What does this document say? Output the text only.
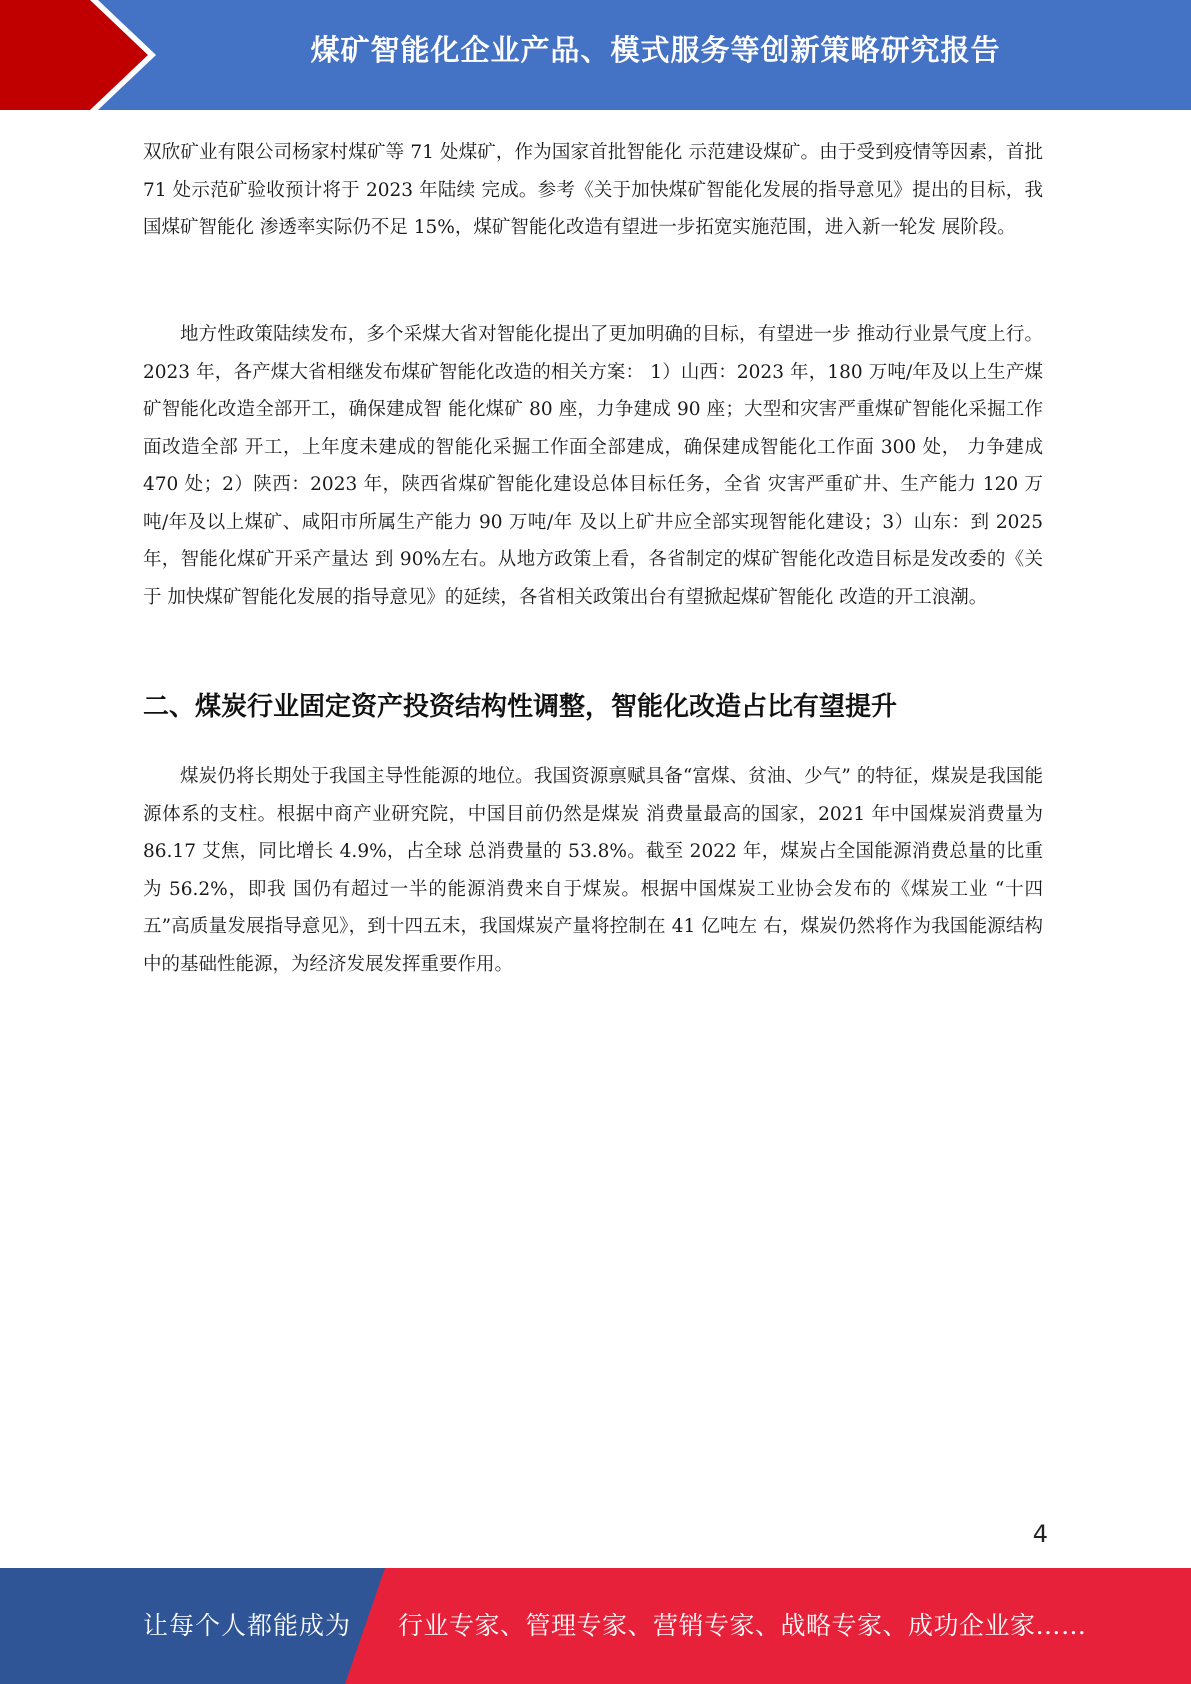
煤矿智能化企业产品、模式服务等创新策略研究报告

双欣矿业有限公司杨家村煤矿等 71 处煤矿，作为国家首批智能化 示范建设煤矿。由于受到疫情等因素，首批 71 处示范矿验收预计将于 2023 年陆续 完成。参考《关于加快煤矿智能化发展的指导意见》提出的目标，我国煤矿智能化 渗透率实际仍不足 15%，煤矿智能化改造有望进一步拓宽实施范围，进入新一轮发 展阶段。

地方性政策陆续发布，多个采煤大省对智能化提出了更加明确的目标，有望进一步 推动行业景气度上行。2023 年，各产煤大省相继发布煤矿智能化改造的相关方案： 1）山西：2023 年，180 万吨/年及以上生产煤矿智能化改造全部开工，确保建成智 能化煤矿 80 座，力争建成 90 座；大型和灾害严重煤矿智能化采掘工作面改造全部 开工，上年度未建成的智能化采掘工作面全部建成，确保建成智能化工作面 300 处， 力争建成 470 处；2）陕西：2023 年，陕西省煤矿智能化建设总体目标任务，全省 灾害严重矿井、生产能力 120 万吨/年及以上煤矿、咸阳市所属生产能力 90 万吨/年 及以上矿井应全部实现智能化建设；3）山东：到 2025 年，智能化煤矿开采产量达 到 90%左右。从地方政策上看，各省制定的煤矿智能化改造目标是发改委的《关于 加快煤矿智能化发展的指导意见》的延续，各省相关政策出台有望掀起煤矿智能化 改造的开工浪潮。

二、煤炭行业固定资产投资结构性调整，智能化改造占比有望提升

煤炭仍将长期处于我国主导性能源的地位。我国资源禀赋具备“富煤、贫油、少气” 的特征，煤炭是我国能源体系的支柱。根据中商产业研究院，中国目前仍然是煤炭 消费量最高的国家，2021 年中国煤炭消费量为 86.17 艾焦，同比增长 4.9%，占全球 总消费量的 53.8%。截至 2022 年，煤炭占全国能源消费总量的比重为 56.2%，即我 国仍有超过一半的能源消费来自于煤炭。根据中国煤炭工业协会发布的《煤炭工业 “十四五”高质量发展指导意见》，到十四五末，我国煤炭产量将控制在 41 亿吨左 右，煤炭仍然将作为我国能源结构中的基础性能源，为经济发展发挥重要作用。

4
让每个人都能成为 行业专家、管理专家、营销专家、战略专家、成功企业家……
